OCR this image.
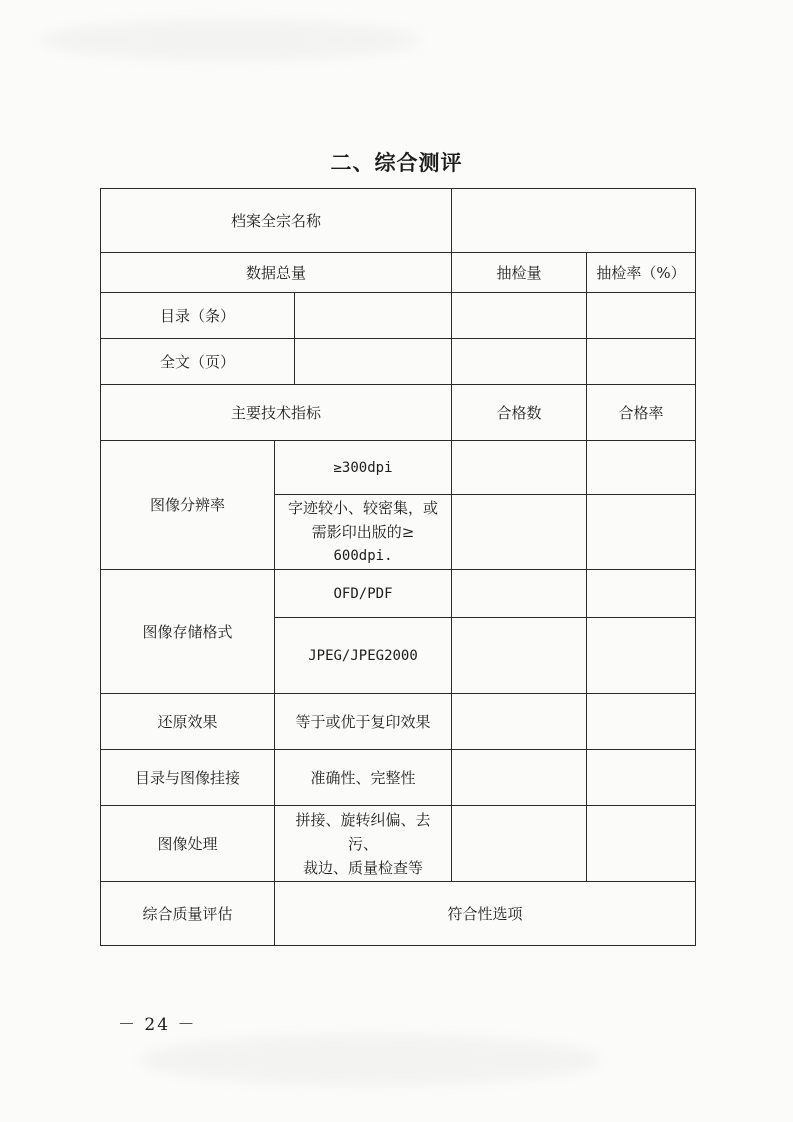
二、综合测评
档案全宗名称				
数据总量			抽检量	抽检率（%）
目录（条）				
全文（页）				
主要技术指标			合格数	合格率
图像分辨率	≥300dpi			

	字迹较小、较密集，或
需影印出版的≥
600dpi.			

图像存储格式	OFD/PDF			
	JPEG/JPEG2000			
还原效果	等于或优于复印效果			
目录与图像挂接	准确性、完整性			
图像处理	拼接、旋转纠偏、去污、
裁边、质量检查等			

综合质量评估	符合性选项			
－ 24 －
